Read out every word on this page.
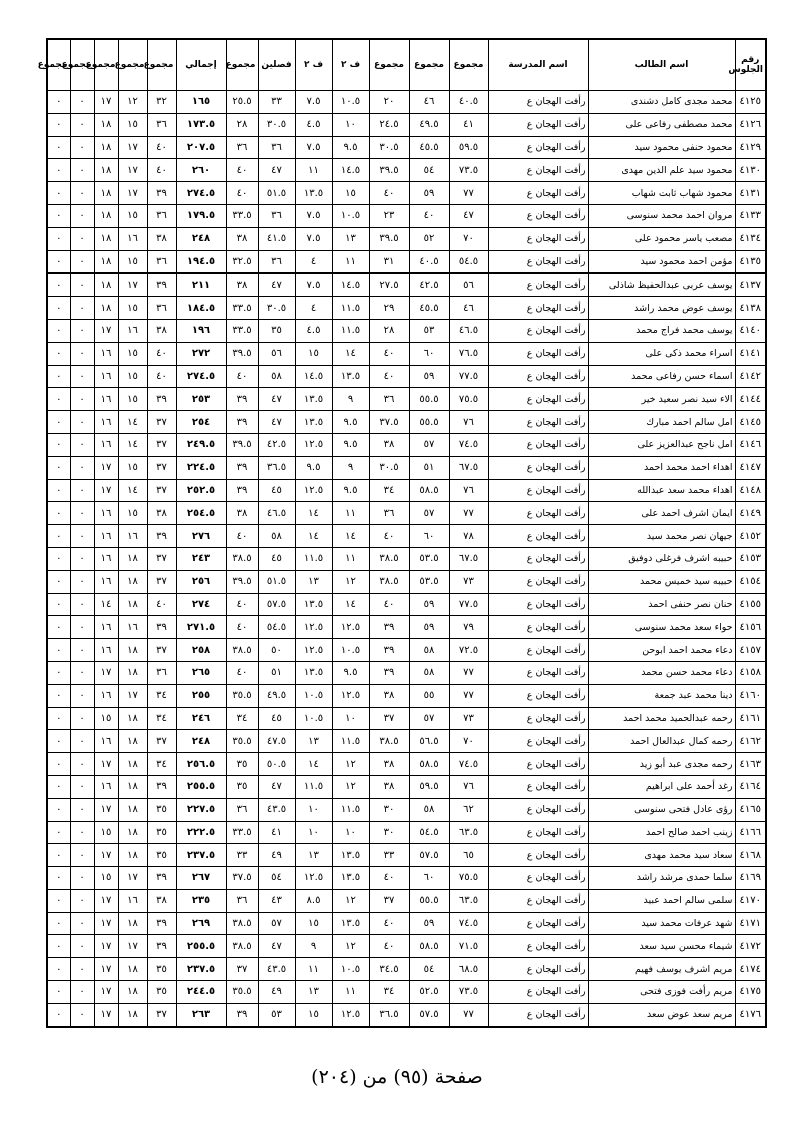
رقم الجلوس	اسم الطالب	اسم المدرسة	مجموع	مجموع	مجموع	ف ٢	ف ٢	فصلين	مجموع	إجمالي	مجموع	مجموع	مجموع	مجموع	مجموع
٤١٢٥	محمد مجدى كامل دشندى	رأفت الهجان ع	٤٠.٥	٤٦	٢٠	١٠.٥	٧.٥	٣٣	٢٥.٥	١٦٥	٣٢	١٢	١٧	٠	٠
٤١٢٦	محمد مصطفى رفاعى على	رأفت الهجان ع	٤١	٤٩.٥	٢٤.٥	١٠	٤.٥	٣٠.٥	٢٨	١٧٣.٥	٣٦	١٥	١٨	٠	٠
٤١٢٩	محمود حنفى محمود سيد	رأفت الهجان ع	٥٩.٥	٤٥.٥	٣٠.٥	٩.٥	٧.٥	٣٦	٣٦	٢٠٧.٥	٤٠	١٧	١٨	٠	٠
٤١٣٠	محمود سيد علم الدين مهدى	رأفت الهجان ع	٧٣.٥	٥٤	٣٩.٥	١٤.٥	١١	٤٧	٤٠	٢٦٠	٤٠	١٧	١٨	٠	٠
٤١٣١	محمود شهاب ثابت شهاب	رأفت الهجان ع	٧٧	٥٩	٤٠	١٥	١٣.٥	٥١.٥	٤٠	٢٧٤.٥	٣٩	١٧	١٨	٠	٠
٤١٣٣	مروان احمد محمد سنوسى	رأفت الهجان ع	٤٧	٤٠	٢٣	١٠.٥	٧.٥	٣٦	٣٣.٥	١٧٩.٥	٣٦	١٥	١٨	٠	٠
٤١٣٤	مصعب ياسر محمود على	رأفت الهجان ع	٧٠	٥٢	٣٩.٥	١٣	٧.٥	٤١.٥	٣٨	٢٤٨	٣٨	١٦	١٨	٠	٠
٤١٣٥	مؤمن احمد محمود سيد	رأفت الهجان ع	٥٤.٥	٤٠.٥	٣١	١١	٤	٣٦	٣٢.٥	١٩٤.٥	٣٦	١٥	١٨	٠	٠
٤١٣٧	يوسف عربى عبدالحفيظ شاذلى	رأفت الهجان ع	٥٦	٤٢.٥	٢٧.٥	١٤.٥	٧.٥	٤٧	٣٨	٢١١	٣٩	١٧	١٨	٠	٠
٤١٣٨	يوسف عوض محمد راشد	رأفت الهجان ع	٤٦	٤٥.٥	٢٩	١١.٥	٤	٣٠.٥	٣٣.٥	١٨٤.٥	٣٦	١٥	١٨	٠	٠
٤١٤٠	يوسف محمد فراج محمد	رأفت الهجان ع	٤٦.٥	٥٣	٢٨	١١.٥	٤.٥	٣٥	٣٣.٥	١٩٦	٣٨	١٦	١٧	٠	٠
٤١٤١	اسراء محمد ذكى على	رأفت الهجان ع	٧٦.٥	٦٠	٤٠	١٤	١٥	٥٦	٣٩.٥	٢٧٢	٤٠	١٥	١٦	٠	٠
٤١٤٢	اسماء حسن رفاعى محمد	رأفت الهجان ع	٧٧.٥	٥٩	٤٠	١٣.٥	١٤.٥	٥٨	٤٠	٢٧٤.٥	٤٠	١٥	١٦	٠	٠
٤١٤٤	الاء سيد نصر سعيد خير	رأفت الهجان ع	٧٥.٥	٥٥.٥	٣٦	٩	١٣.٥	٤٧	٣٩	٢٥٣	٣٩	١٥	١٦	٠	٠
٤١٤٥	امل سالم احمد مبارك	رأفت الهجان ع	٧٦	٥٥.٥	٣٧.٥	٩.٥	١٣.٥	٤٧	٣٩	٢٥٤	٣٧	١٤	١٦	٠	٠
٤١٤٦	امل ناجح عبدالعزيز على	رأفت الهجان ع	٧٤.٥	٥٧	٣٨	٩.٥	١٢.٥	٤٢.٥	٣٩.٥	٢٤٩.٥	٣٧	١٤	١٦	٠	٠
٤١٤٧	اهداء احمد محمد احمد	رأفت الهجان ع	٦٧.٥	٥١	٣٠.٥	٩	٩.٥	٣٦.٥	٣٩	٢٢٤.٥	٣٧	١٥	١٧	٠	٠
٤١٤٨	اهداء محمد سعد عبدالله	رأفت الهجان ع	٧٦	٥٨.٥	٣٤	٩.٥	١٢.٥	٤٥	٣٩	٢٥٢.٥	٣٧	١٤	١٧	٠	٠
٤١٤٩	ايمان اشرف احمد على	رأفت الهجان ع	٧٧	٥٧	٣٦	١١	١٤	٤٦.٥	٣٨	٢٥٤.٥	٣٨	١٥	١٦	٠	٠
٤١٥٢	جيهان نصر محمد سيد	رأفت الهجان ع	٧٨	٦٠	٤٠	١٤	١٤	٥٨	٤٠	٢٧٦	٣٩	١٦	١٦	٠	٠
٤١٥٣	حبيبه اشرف فرغلى دوفيق	رأفت الهجان ع	٦٧.٥	٥٣.٥	٣٨.٥	١١	١١.٥	٤٥	٣٨.٥	٢٤٣	٣٧	١٨	١٦	٠	٠
٤١٥٤	حبيبه سيد خميس محمد	رأفت الهجان ع	٧٣	٥٣.٥	٣٨.٥	١٢	١٣	٥١.٥	٣٩.٥	٢٥٦	٣٧	١٨	١٦	٠	٠
٤١٥٥	حنان نصر حنفى احمد	رأفت الهجان ع	٧٧.٥	٥٩	٤٠	١٤	١٣.٥	٥٧.٥	٤٠	٢٧٤	٤٠	١٨	١٤	٠	٠
٤١٥٦	حواء سعد محمد سنوسى	رأفت الهجان ع	٧٩	٥٩	٣٩	١٢.٥	١٢.٥	٥٤.٥	٤٠	٢٧١.٥	٣٩	١٦	١٦	٠	٠
٤١٥٧	دعاء محمد احمد ابوحن	رأفت الهجان ع	٧٢.٥	٥٨	٣٩	١٠.٥	١٢.٥	٥٠	٣٨.٥	٢٥٨	٣٧	١٨	١٦	٠	٠
٤١٥٨	دعاء محمد حسن محمد	رأفت الهجان ع	٧٧	٥٨	٣٩	٩.٥	١٣.٥	٥١	٤٠	٢٦٥	٣٦	١٨	١٧	٠	٠
٤١٦٠	دينا محمد عبد جمعة	رأفت الهجان ع	٧٧	٥٥	٣٨	١٢.٥	١٠.٥	٤٩.٥	٣٥.٥	٢٥٥	٣٤	١٧	١٦	٠	٠
٤١٦١	رحمه عبدالحميد محمد احمد	رأفت الهجان ع	٧٣	٥٧	٣٧	١٠	١٠.٥	٤٥	٣٤	٢٤٦	٣٤	١٨	١٥	٠	٠
٤١٦٢	رحمه كمال عبدالعال احمد	رأفت الهجان ع	٧٠	٥٦.٥	٣٨.٥	١١.٥	١٣	٤٧.٥	٣٥.٥	٢٤٨	٣٧	١٨	١٦	٠	٠
٤١٦٣	رحمه مجدى عبد أبو زيد	رأفت الهجان ع	٧٤.٥	٥٨.٥	٣٨	١٢	١٤	٥٠.٥	٣٥	٢٥٦.٥	٣٤	١٨	١٧	٠	٠
٤١٦٤	رغد أحمد على ابراهيم	رأفت الهجان ع	٧٦	٥٩.٥	٣٨	١٢	١١.٥	٤٧	٣٥	٢٥٥.٥	٣٩	١٨	١٦	٠	٠
٤١٦٥	رؤى عادل فتحى سنوسى	رأفت الهجان ع	٦٢	٥٨	٣٠	١١.٥	١٠	٤٣.٥	٣٦	٢٢٧.٥	٣٥	١٨	١٧	٠	٠
٤١٦٦	زينب احمد صالح احمد	رأفت الهجان ع	٦٣.٥	٥٤.٥	٣٠	١٠	١٠	٤١	٣٣.٥	٢٢٢.٥	٣٥	١٨	١٥	٠	٠
٤١٦٨	سعاد سيد محمد مهدى	رأفت الهجان ع	٦٥	٥٧.٥	٣٣	١٣.٥	١٣	٤٩	٣٣	٢٣٧.٥	٣٥	١٨	١٧	٠	٠
٤١٦٩	سلما حمدى مرشد راشد	رأفت الهجان ع	٧٥.٥	٦٠	٤٠	١٣.٥	١٢.٥	٥٤	٣٧.٥	٢٦٧	٣٩	١٧	١٥	٠	٠
٤١٧٠	سلمى سالم احمد عبيد	رأفت الهجان ع	٦٣.٥	٥٥.٥	٣٧	١٢	٨.٥	٤٣	٣٦	٢٣٥	٣٨	١٦	١٧	٠	٠
٤١٧١	شهد عرفات محمد سيد	رأفت الهجان ع	٧٤.٥	٥٩	٤٠	١٣.٥	١٥	٥٧	٣٨.٥	٢٦٩	٣٩	١٨	١٧	٠	٠
٤١٧٢	شيماء محسن سيد سعد	رأفت الهجان ع	٧١.٥	٥٨.٥	٤٠	١٢	٩	٤٧	٣٨.٥	٢٥٥.٥	٣٩	١٧	١٧	٠	٠
٤١٧٤	مريم اشرف يوسف فهيم	رأفت الهجان ع	٦٨.٥	٥٤	٣٤.٥	١٠.٥	١١	٤٣.٥	٣٧	٢٣٧.٥	٣٥	١٨	١٧	٠	٠
٤١٧٥	مريم رأفت فوزى فتحى	رأفت الهجان ع	٧٣.٥	٥٢.٥	٣٤	١١	١٣	٤٩	٣٥.٥	٢٤٤.٥	٣٥	١٨	١٧	٠	٠
٤١٧٦	مريم سعد عوض سعد	رأفت الهجان ع	٧٧	٥٧.٥	٣٦.٥	١٢.٥	١٥	٥٣	٣٩	٢٦٣	٣٧	١٨	١٧	٠	٠
صفحة (٩٥) من (٢٠٤)
